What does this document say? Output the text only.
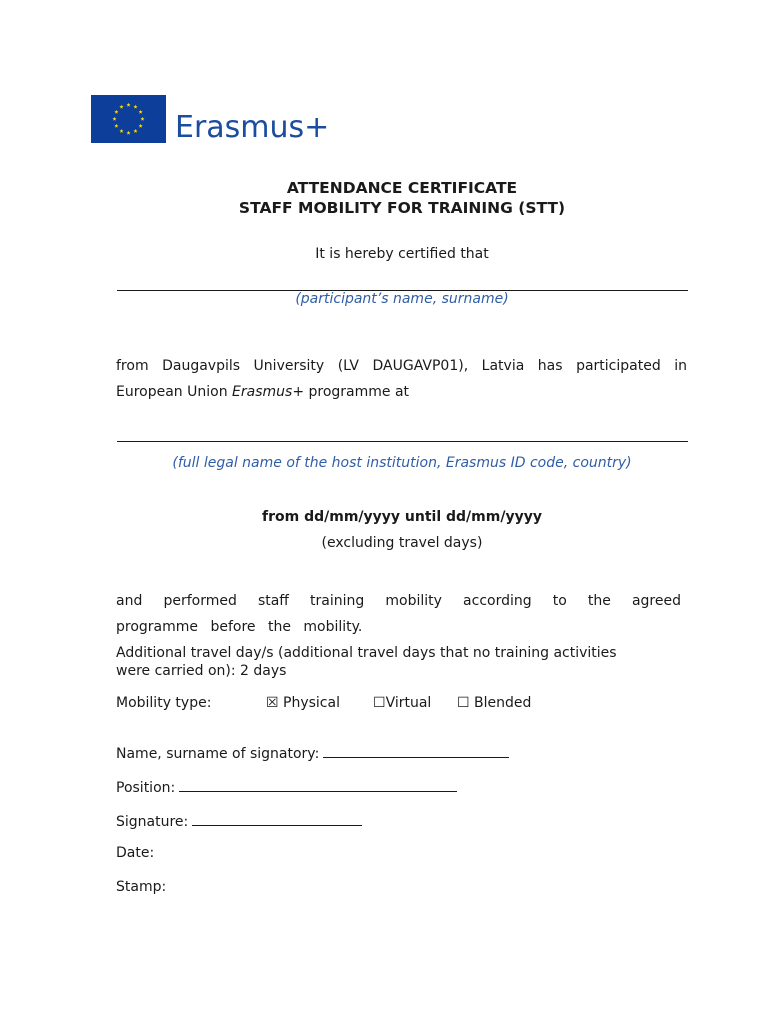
Erasmus+
ATTENDANCE CERTIFICATE
STAFF MOBILITY FOR TRAINING (STT)
It is hereby certified that
(participant’s name, surname)
from Daugavpils University (LV DAUGAVP01), Latvia has participated in
European Union Erasmus+ programme at
(full legal name of the host institution, Erasmus ID code, country)
from dd/mm/yyyy until dd/mm/yyyy
(excluding travel days)
and performed staff training mobility according to the agreed programme before the mobility.
Additional travel day/s (additional travel days that no training activities
were carried on): 2 days
Mobility type:	☒ Physical ☐Virtual ☐ Blended
Name, surname of signatory:
Position:
Signature:
Date:
Stamp:
